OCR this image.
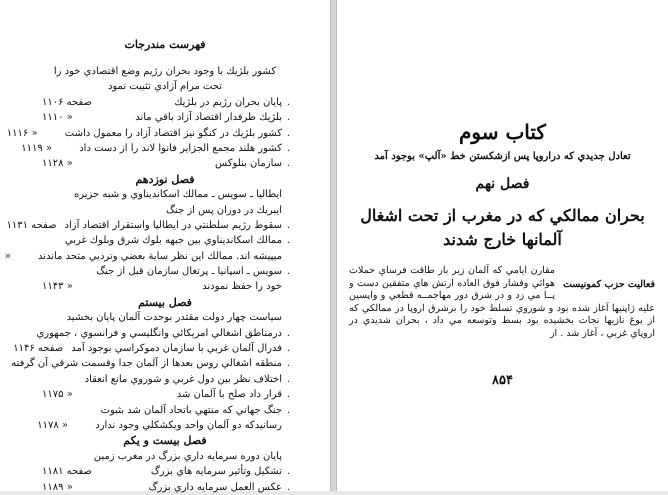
فهرست مندرجات
كشور بلژيك با وجود بحران رژيم وضع اقتصادي خود را
تحت مرام آزادي تثبيت نمود
.
پايان بحران رژيم در بلژيك
صفحه ۱۱۰۶
.
بلژيك طرفدار اقتصاد آزاد باقي ماند
« ۱۱۱۰
.
كشور بلژيك در كنگو نيز اقتصاد آزاد را معمول داشت
« ۱۱۱۶
.
كشور هلند مجمع الجزاير فانوا لاند را از دست داد
« ۱۱۱۹
.
سازمان بنلوكس
« ۱۱۲۸
فصل نوزدهم
ايطاليا ـ سويس ـ ممالك اسكانديناوي و شبه جزيره
ايبريك در دوران پس از جنگ
.
سقوط رژيم سلطنتي در ايطاليا واستقرار اقتصاد آزاد
صفحه ۱۱۳۱
.
ممالك اسكانديناوي بين جبهه بلوك شرق وبلوك غربي
ميپيشه اند. ممالك اين نظر ساية بعضي وترديي متحد ماندند
«
.
سويس ـ اسپانيا ـ پرتغال سازمان قبل از جنگ
خود را حفظ نمودند
« ۱۱۴۳
فصل بيستم
سياست چهار دولت مقتدر بوحدت آلمان پايان بخشيد
.
درمناطق اشغالي امريكائي وانگليسي و فرانسوي ، جمهوري
.
فدرال آلمان غربي با سازمان دموكراسي بوجود آمد
صفحه ۱۱۴۶
.
منطقه اشغالي روس بعدها از آلمان جدا وقسمت شرقي آن گرفته
.
اختلاف نظر بين دول غربي و شوروي مانع انعقاد
.
قرار داد صلح با آلمان شد
« ۱۱۷۵
.
جنگ جهاني كه منتهي باتحاد آلمان شد بثبوت
رسانيدكه دو آلمان واحد ويكشكلي وجود ندارد
« ۱۱۷۸
فصل بيست و يكم
پايان دوره سرمايه داري بزرگ در مغرب زمين
.
تشكيل وتأثير سرمايه هاي بزرگ
صفحه ۱۱۸۱
.
عكس العمل سرمايه داري بزرگ
« ۱۱۸۹
كتاب سوم
تعادل جديدي كه دراروپا پس ازشكستن خط «آلپ» بوجود آمد
فصل نهم
بحران ممالكي كه در مغرب از تحت اشغال آلمانها خارج شدند
فعاليت حزب كمونيست
مقارن ايامي كه آلمان زير بار طاقت فرساي حملات هوائي وفشار فوق العاده ارتش هاي متفقين دست و پــا مي زد و در شرق دور مهاجمــه قطعي و واپسين عليه ژاپنيها آغاز شده بود و شوروي تسلط خود را برشرق اروپا در ممالكي كه از يوغ نازيها نجات بخشيده بود بسط وتوسعه مي داد ، بحران شديدي در اروپاي غربي ، آغاز شد . از
۸۵۴
